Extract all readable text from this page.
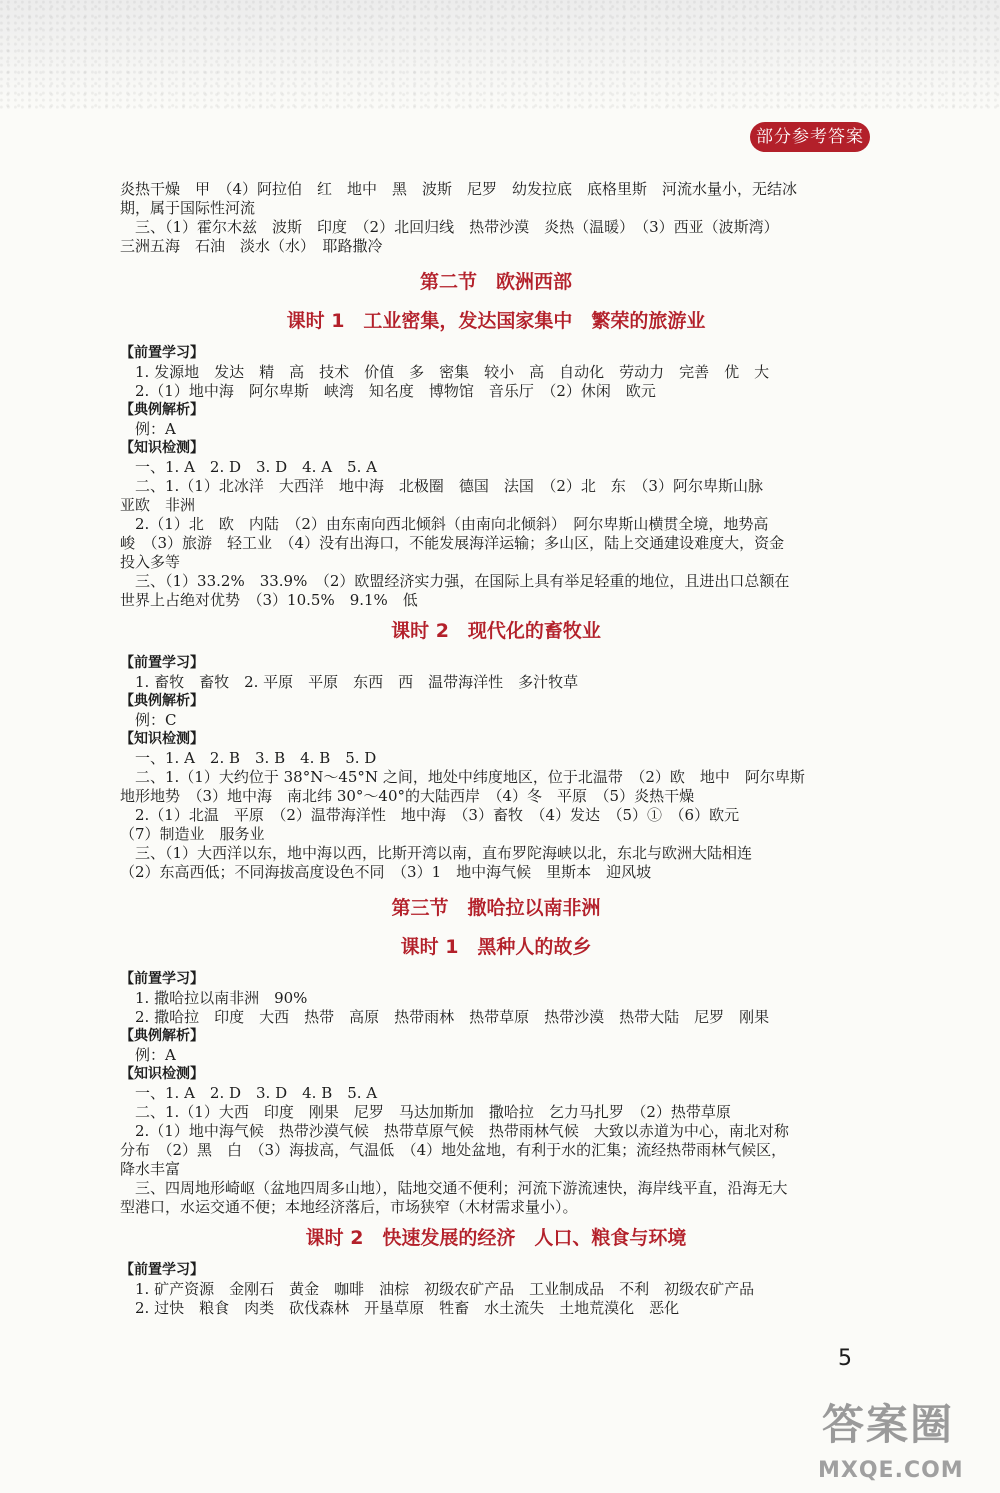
部分参考答案
炎热干燥　甲　（4）阿拉伯　红　地中　黑　波斯　尼罗　幼发拉底　底格里斯　河流水量小，无结冰
期，属于国际性河流
三、（1）霍尔木兹　波斯　印度　（2）北回归线　热带沙漠　炎热（温暖）　（3）西亚（波斯湾）
三洲五海　石油　淡水（水）　耶路撒冷
第二节　欧洲西部
课时 1　工业密集，发达国家集中　繁荣的旅游业
【前置学习】
1. 发源地　发达　精　高　技术　价值　多　密集　较小　高　自动化　劳动力　完善　优　大
2.（1）地中海　阿尔卑斯　峡湾　知名度　博物馆　音乐厅　（2）休闲　欧元
【典例解析】
例：A
【知识检测】
一、1. A　2. D　3. D　4. A　5. A
二、1.（1）北冰洋　大西洋　地中海　北极圈　德国　法国　（2）北　东　（3）阿尔卑斯山脉
亚欧　非洲
2.（1）北　欧　内陆　（2）由东南向西北倾斜（由南向北倾斜）　阿尔卑斯山横贯全境，地势高
峻　（3）旅游　轻工业　（4）没有出海口，不能发展海洋运输；多山区，陆上交通建设难度大，资金
投入多等
三、（1）33.2%　33.9%　（2）欧盟经济实力强，在国际上具有举足轻重的地位，且进出口总额在
世界上占绝对优势　（3）10.5%　9.1%　低
课时 2　现代化的畜牧业
【前置学习】
1. 畜牧　畜牧　2. 平原　平原　东西　西　温带海洋性　多汁牧草
【典例解析】
例：C
【知识检测】
一、1. A　2. B　3. B　4. B　5. D
二、1.（1）大约位于 38°N～45°N 之间，地处中纬度地区，位于北温带　（2）欧　地中　阿尔卑斯
地形地势　（3）地中海　南北纬 30°～40°的大陆西岸　（4）冬　平原　（5）炎热干燥
2.（1）北温　平原　（2）温带海洋性　地中海　（3）畜牧　（4）发达　（5）①　（6）欧元
（7）制造业　服务业
三、（1）大西洋以东，地中海以西，比斯开湾以南，直布罗陀海峡以北，东北与欧洲大陆相连
（2）东高西低；不同海拔高度设色不同　（3）1　地中海气候　里斯本　迎风坡
第三节　撒哈拉以南非洲
课时 1　黑种人的故乡
【前置学习】
1. 撒哈拉以南非洲　90%
2. 撒哈拉　印度　大西　热带　高原　热带雨林　热带草原　热带沙漠　热带大陆　尼罗　刚果
【典例解析】
例：A
【知识检测】
一、1. A　2. D　3. D　4. B　5. A
二、1.（1）大西　印度　刚果　尼罗　马达加斯加　撒哈拉　乞力马扎罗　（2）热带草原
2.（1）地中海气候　热带沙漠气候　热带草原气候　热带雨林气候　大致以赤道为中心，南北对称
分布　（2）黑　白　（3）海拔高，气温低　（4）地处盆地，有利于水的汇集；流经热带雨林气候区，
降水丰富
三、四周地形崎岖（盆地四周多山地），陆地交通不便利；河流下游流速快，海岸线平直，沿海无大
型港口，水运交通不便；本地经济落后，市场狭窄（木材需求量小）。
课时 2　快速发展的经济　人口、粮食与环境
【前置学习】
1. 矿产资源　金刚石　黄金　咖啡　油棕　初级农矿产品　工业制成品　不利　初级农矿产品
2. 过快　粮食　肉类　砍伐森林　开垦草原　牲畜　水土流失　土地荒漠化　恶化
5
答案圈
MXQE.COM
